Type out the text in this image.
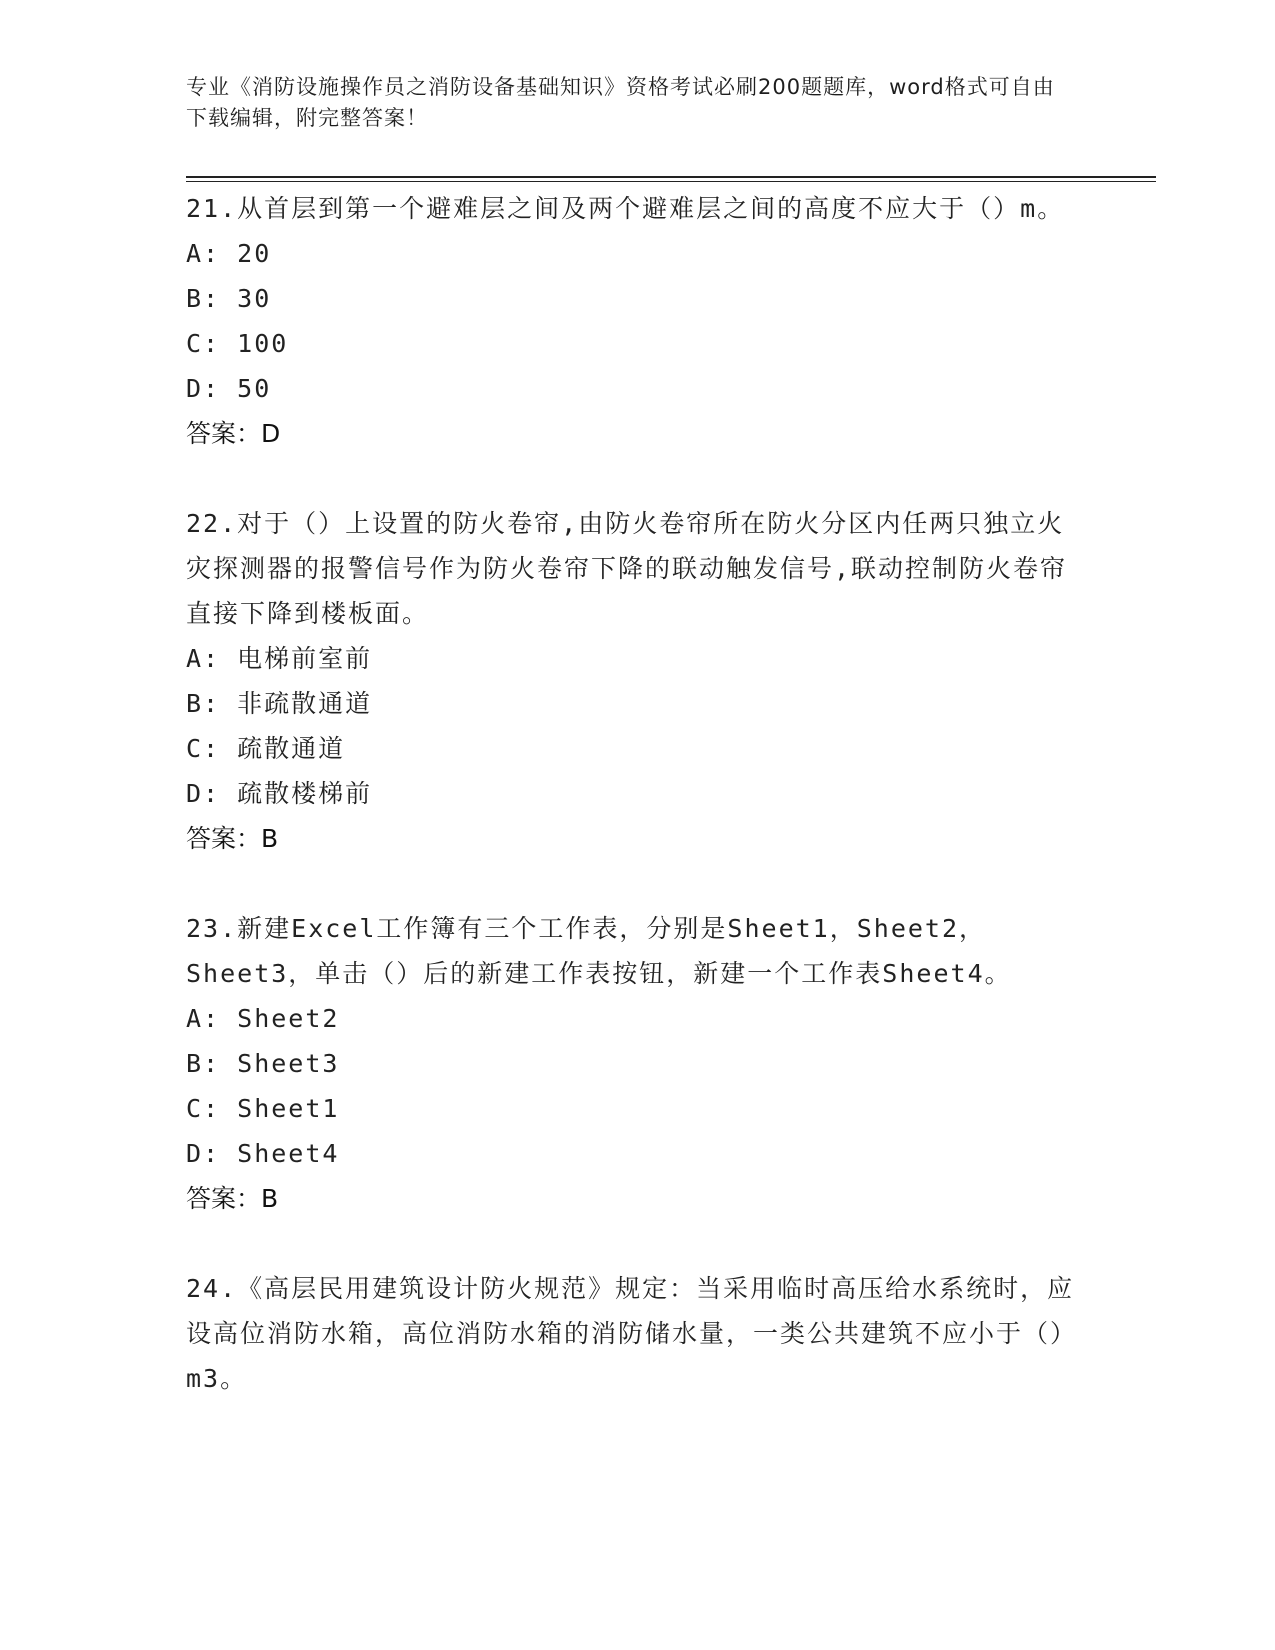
专业《消防设施操作员之消防设备基础知识》资格考试必刷200题题库，word格式可自由下载编辑，附完整答案！

21.从首层到第一个避难层之间及两个避难层之间的高度不应大于（）m。

A: 20

B: 30

C: 100

D: 50

答案：D

22.对于（）上设置的防火卷帘,由防火卷帘所在防火分区内任两只独立火灾探测器的报警信号作为防火卷帘下降的联动触发信号,联动控制防火卷帘直接下降到楼板面。

A: 电梯前室前

B: 非疏散通道

C: 疏散通道

D: 疏散楼梯前

答案：B

23.新建Excel工作簿有三个工作表，分别是Sheet1，Sheet2，Sheet3，单击（）后的新建工作表按钮，新建一个工作表Sheet4。

A: Sheet2

B: Sheet3

C: Sheet1

D: Sheet4

答案：B

24.《高层民用建筑设计防火规范》规定：当采用临时高压给水系统时，应设高位消防水箱，高位消防水箱的消防储水量，一类公共建筑不应小于（）m3。
